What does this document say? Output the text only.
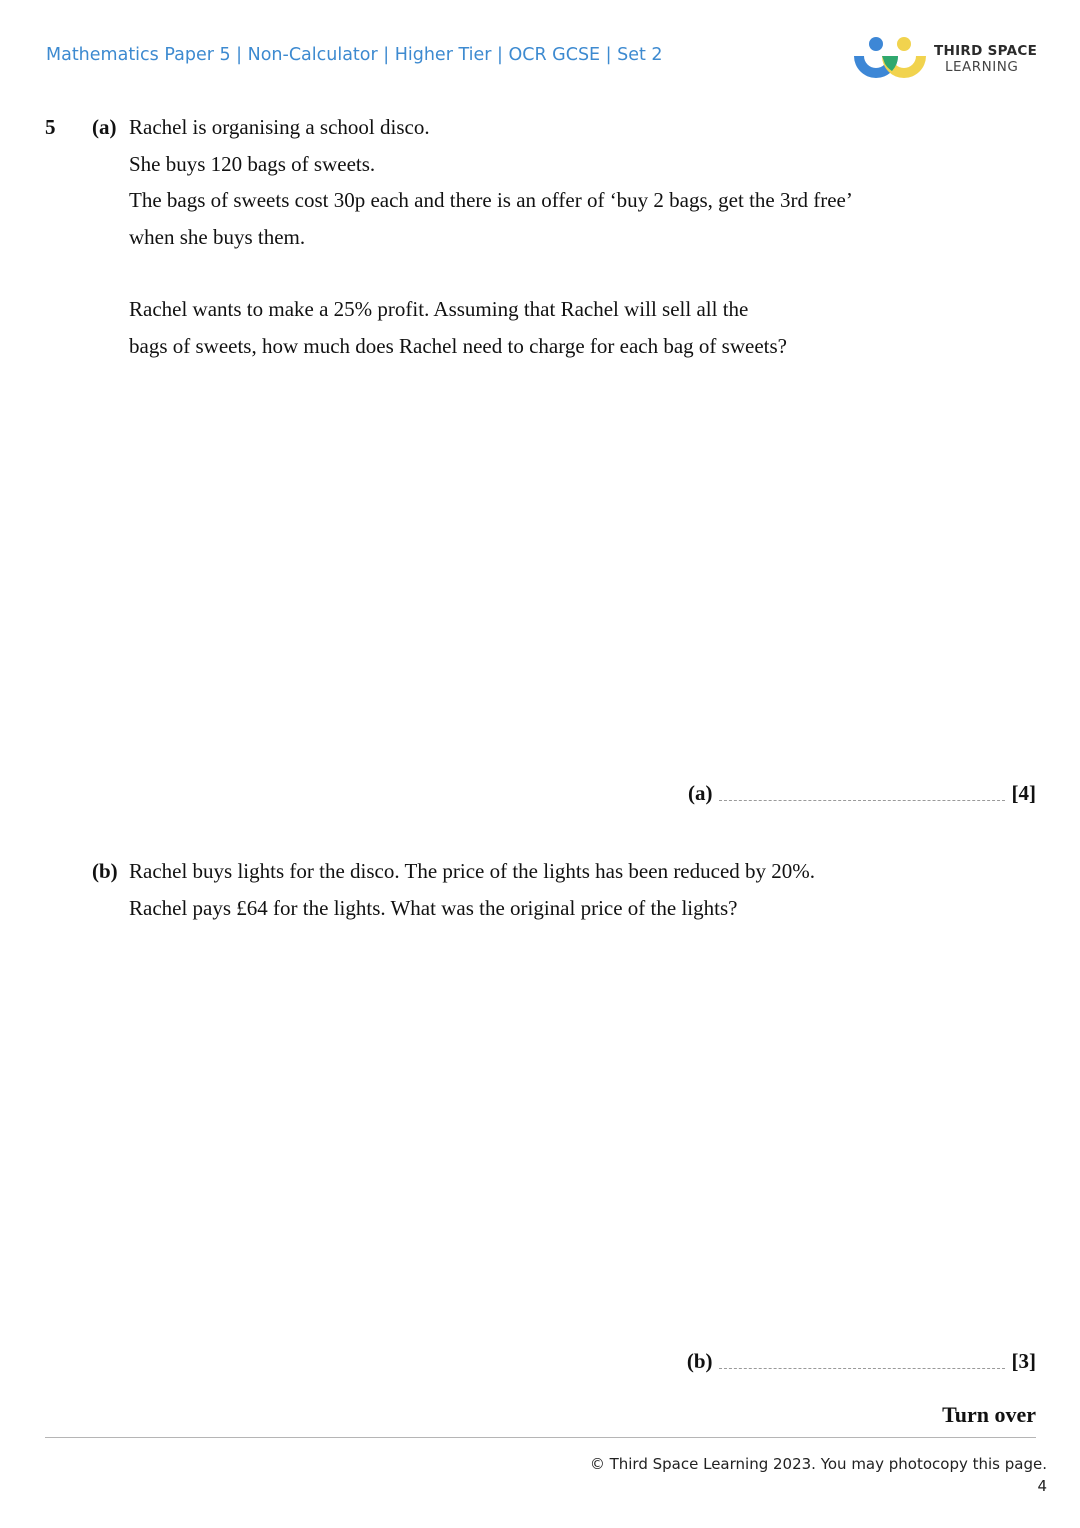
Mathematics Paper 5 | Non-Calculator | Higher Tier | OCR GCSE | Set 2	THIRD SPACE
LEARNING
5 (a) Rachel is organising a school disco.

She buys 120 bags of sweets.

The bags of sweets cost 30p each and there is an offer of ‘buy 2 bags, get the 3rd free’

when she buys them.

Rachel wants to make a 25% profit. Assuming that Rachel will sell all the

bags of sweets, how much does Rachel need to charge for each bag of sweets?

(a)	[4]
(b) Rachel buys lights for the disco. The price of the lights has been reduced by 20%.

Rachel pays £64 for the lights. What was the original price of the lights?

(b)	[3]
Turn over
© Third Space Learning 2023. You may photocopy this page.
4
